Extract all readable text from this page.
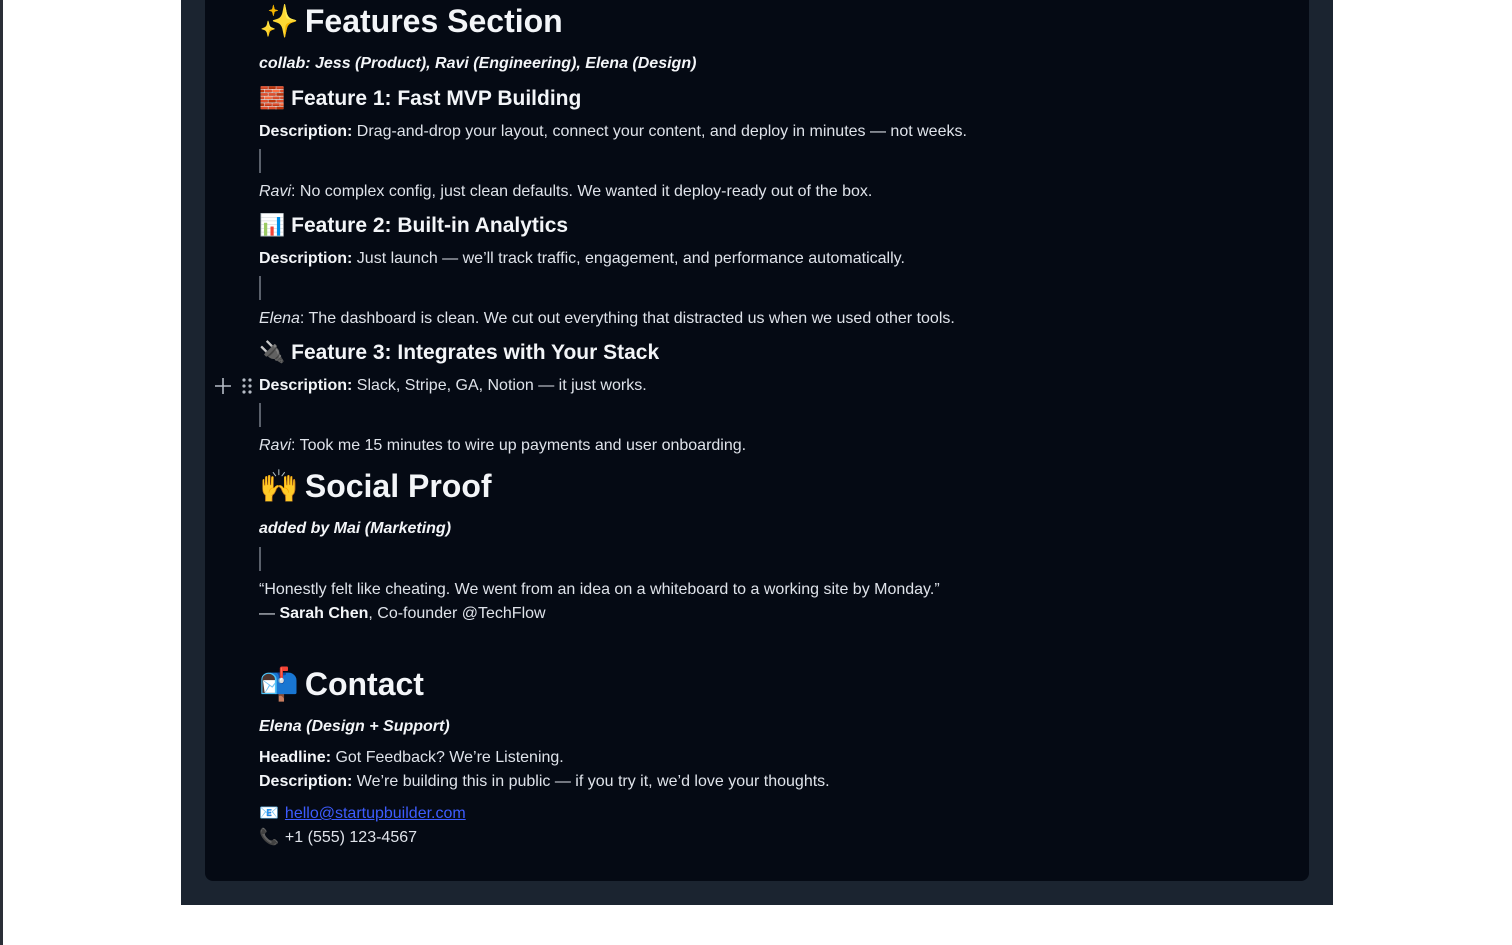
✨ Features Section
collab: Jess (Product), Ravi (Engineering), Elena (Design)
🧱 Feature 1: Fast MVP Building
Description: Drag-and-drop your layout, connect your content, and deploy in minutes — not weeks.
Ravi: No complex config, just clean defaults. We wanted it deploy-ready out of the box.
📊 Feature 2: Built-in Analytics
Description: Just launch — we’ll track traffic, engagement, and performance automatically.
Elena: The dashboard is clean. We cut out everything that distracted us when we used other tools.
🔌 Feature 3: Integrates with Your Stack
Description: Slack, Stripe, GA, Notion — it just works.
Ravi: Took me 15 minutes to wire up payments and user onboarding.
🙌 Social Proof
added by Mai (Marketing)
“Honestly felt like cheating. We went from an idea on a whiteboard to a working site by Monday.”
— Sarah Chen, Co-founder @TechFlow
📬 Contact
Elena (Design + Support)
Headline: Got Feedback? We’re Listening.
Description: We’re building this in public — if you try it, we’d love your thoughts.
📧 hello@startupbuilder.com
📞 +1 (555) 123-4567
